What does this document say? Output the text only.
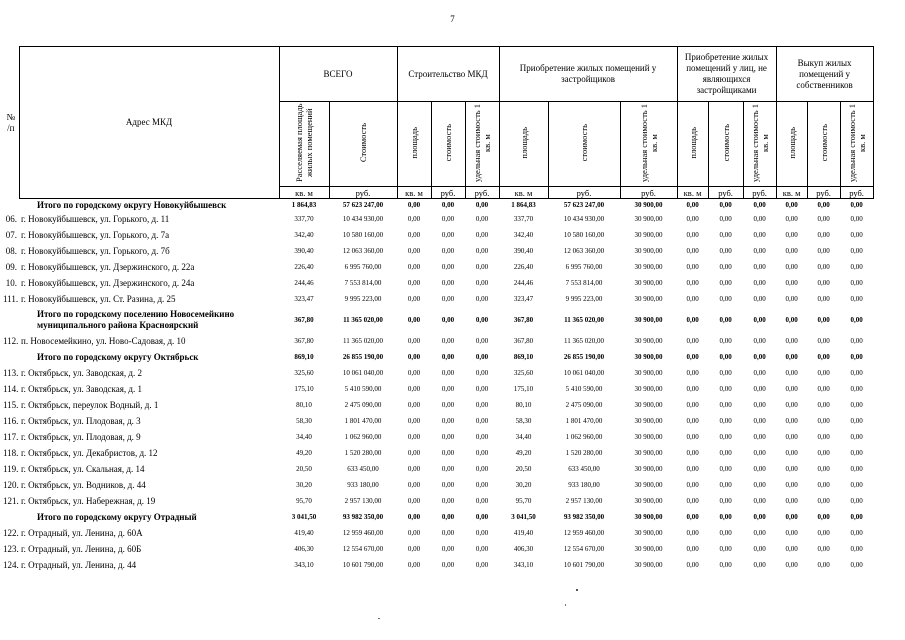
7
№
/п	Адрес МКД	ВСЕГО		Строительство МКД			Приобретение жилых помещений у застройщиков			Приобретение жилых помещений у лиц, не являющихся застройщиками			Выкуп жилых помещений у собственников		
		Расселяемая площадь жилых помещений	Стоимость	площадь	стоимость	удельная стоимость 1 кв. м	площадь	стоимость	удельная стоимость 1 кв. м	площадь	стоимость	удельная стоимость 1 кв. м	площадь	стоимость	удельная стоимость 1 кв. м
		кв. м	руб.	кв. м	руб.	руб.	кв. м	руб.	руб.	кв. м	руб.	руб.	кв. м	руб.	руб.
	Итого по городскому округу Новокуйбышевск	1 864,83	57 623 247,00	0,00	0,00	0,00	1 864,83	57 623 247,00	30 900,00	0,00	0,00	0,00	0,00	0,00	0,00
06.	г. Новокуйбышевск, ул. Горького, д. 11	337,70	10 434 930,00	0,00	0,00	0,00	337,70	10 434 930,00	30 900,00	0,00	0,00	0,00	0,00	0,00	0,00
07.	г. Новокуйбышевск, ул. Горького, д. 7а	342,40	10 580 160,00	0,00	0,00	0,00	342,40	10 580 160,00	30 900,00	0,00	0,00	0,00	0,00	0,00	0,00
08.	г. Новокуйбышевск, ул. Горького, д. 7б	390,40	12 063 360,00	0,00	0,00	0,00	390,40	12 063 360,00	30 900,00	0,00	0,00	0,00	0,00	0,00	0,00
09.	г. Новокуйбышевск, ул. Дзержинского, д. 22а	226,40	6 995 760,00	0,00	0,00	0,00	226,40	6 995 760,00	30 900,00	0,00	0,00	0,00	0,00	0,00	0,00
10.	г. Новокуйбышевск, ул. Дзержинского, д. 24а	244,46	7 553 814,00	0,00	0,00	0,00	244,46	7 553 814,00	30 900,00	0,00	0,00	0,00	0,00	0,00	0,00
111.	г. Новокуйбышевск, ул. Ст. Разина, д. 25	323,47	9 995 223,00	0,00	0,00	0,00	323,47	9 995 223,00	30 900,00	0,00	0,00	0,00	0,00	0,00	0,00
	Итого по городскому поселению Новосемейкино муниципального района Красноярский	367,80	11 365 020,00	0,00	0,00	0,00	367,80	11 365 020,00	30 900,00	0,00	0,00	0,00	0,00	0,00	0,00
112.	п. Новосемейкино, ул. Ново-Садовая, д. 10	367,80	11 365 020,00	0,00	0,00	0,00	367,80	11 365 020,00	30 900,00	0,00	0,00	0,00	0,00	0,00	0,00
	Итого по городскому округу Октябрьск	869,10	26 855 190,00	0,00	0,00	0,00	869,10	26 855 190,00	30 900,00	0,00	0,00	0,00	0,00	0,00	0,00
113.	г. Октябрьск, ул. Заводская, д. 2	325,60	10 061 040,00	0,00	0,00	0,00	325,60	10 061 040,00	30 900,00	0,00	0,00	0,00	0,00	0,00	0,00
114.	г. Октябрьск, ул. Заводская, д. 1	175,10	5 410 590,00	0,00	0,00	0,00	175,10	5 410 590,00	30 900,00	0,00	0,00	0,00	0,00	0,00	0,00
115.	г. Октябрьск, переулок Водный, д. 1	80,10	2 475 090,00	0,00	0,00	0,00	80,10	2 475 090,00	30 900,00	0,00	0,00	0,00	0,00	0,00	0,00
116.	г. Октябрьск, ул. Плодовая, д. 3	58,30	1 801 470,00	0,00	0,00	0,00	58,30	1 801 470,00	30 900,00	0,00	0,00	0,00	0,00	0,00	0,00
117.	г. Октябрьск, ул. Плодовая, д. 9	34,40	1 062 960,00	0,00	0,00	0,00	34,40	1 062 960,00	30 900,00	0,00	0,00	0,00	0,00	0,00	0,00
118.	г. Октябрьск, ул. Декабристов, д. 12	49,20	1 520 280,00	0,00	0,00	0,00	49,20	1 520 280,00	30 900,00	0,00	0,00	0,00	0,00	0,00	0,00
119.	г. Октябрьск, ул. Скальная, д. 14	20,50	633 450,00	0,00	0,00	0,00	20,50	633 450,00	30 900,00	0,00	0,00	0,00	0,00	0,00	0,00
120.	г. Октябрьск, ул. Водников, д. 44	30,20	933 180,00	0,00	0,00	0,00	30,20	933 180,00	30 900,00	0,00	0,00	0,00	0,00	0,00	0,00
121.	г. Октябрьск, ул. Набережная, д. 19	95,70	2 957 130,00	0,00	0,00	0,00	95,70	2 957 130,00	30 900,00	0,00	0,00	0,00	0,00	0,00	0,00
	Итого по городскому округу Отрадный	3 041,50	93 982 350,00	0,00	0,00	0,00	3 041,50	93 982 350,00	30 900,00	0,00	0,00	0,00	0,00	0,00	0,00
122.	г. Отрадный, ул. Ленина, д. 60А	419,40	12 959 460,00	0,00	0,00	0,00	419,40	12 959 460,00	30 900,00	0,00	0,00	0,00	0,00	0,00	0,00
123.	г. Отрадный, ул. Ленина, д. 60Б	406,30	12 554 670,00	0,00	0,00	0,00	406,30	12 554 670,00	30 900,00	0,00	0,00	0,00	0,00	0,00	0,00
124.	г. Отрадный, ул. Ленина, д. 44	343,10	10 601 790,00	0,00	0,00	0,00	343,10	10 601 790,00	30 900,00	0,00	0,00	0,00	0,00	0,00	0,00
